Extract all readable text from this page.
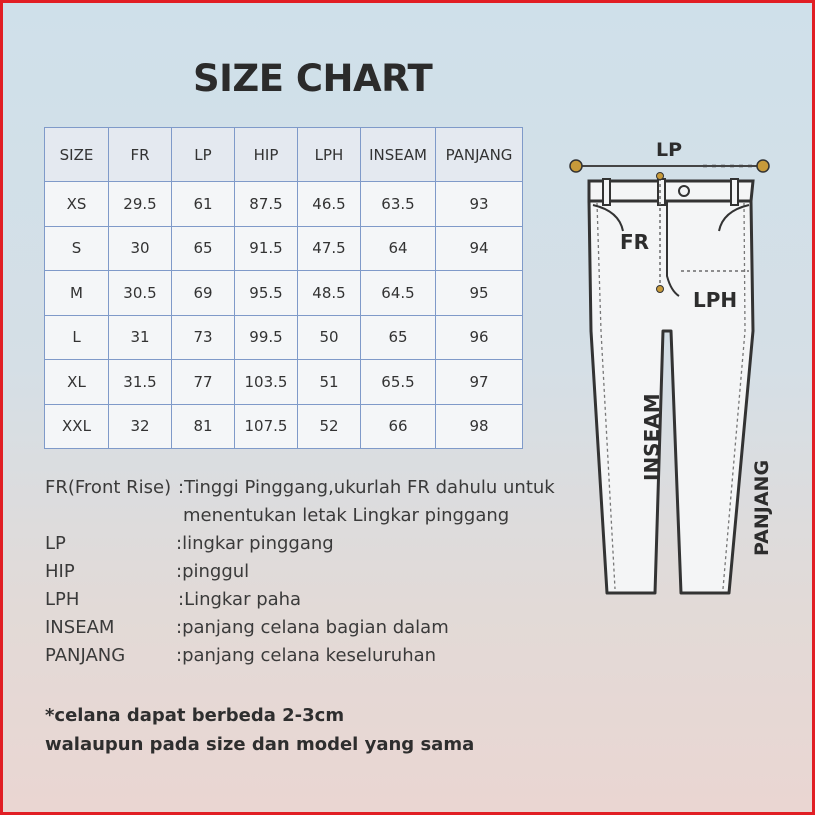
SIZE CHART
SIZE	FR	LP	HIP	LPH	INSEAM	PANJANG
XS	29.5	61	87.5	46.5	63.5	93
S	30	65	91.5	47.5	64	94
M	30.5	69	95.5	48.5	64.5	95
L	31	73	99.5	50	65	96
XL	31.5	77	103.5	51	65.5	97
XXL	32	81	107.5	52	66	98
FR(Front Rise) :Tinggi Pinggang,ukurlah FR dahulu untuk
menentukan letak Lingkar pinggang
LP	:lingkar pinggang
HIP	:pinggul
LPH	:Lingkar paha
INSEAM	:panjang celana bagian dalam
PANJANG	:panjang celana keseluruhan
*celana dapat berbeda 2-3cm
walaupun pada size dan model yang sama
LP
FR
LPH
INSEAM
PANJANG
